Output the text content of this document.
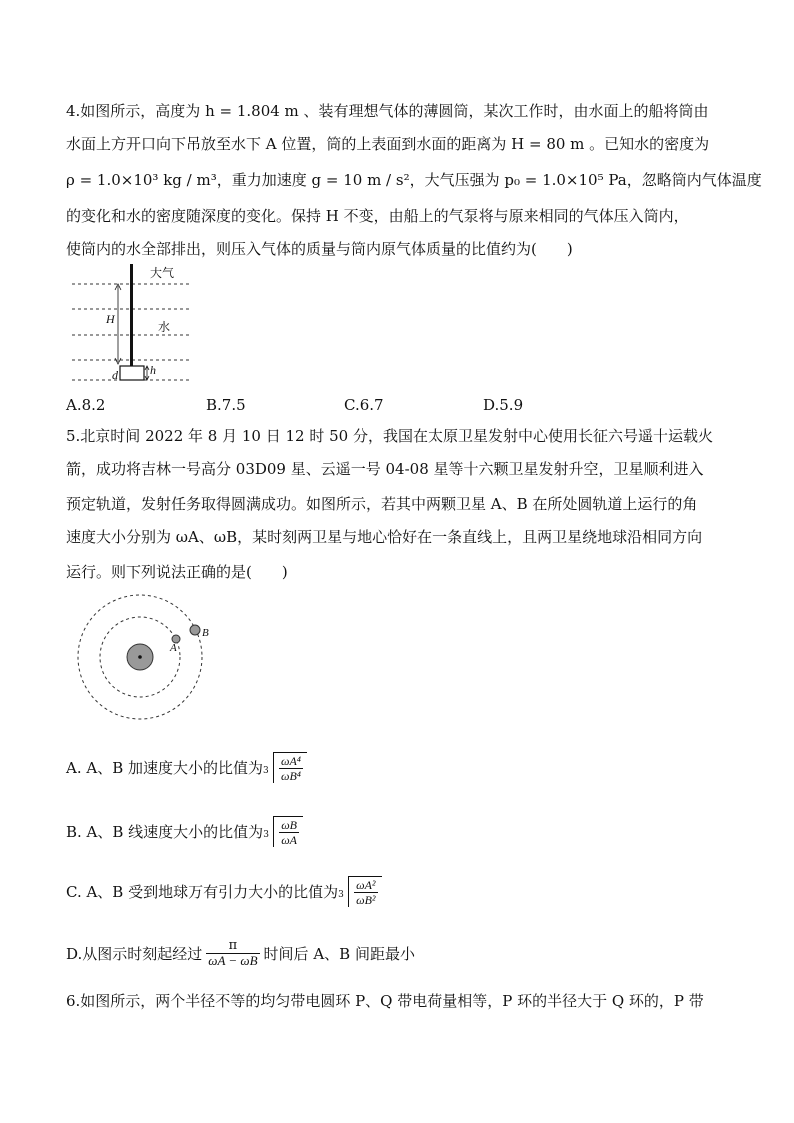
4.如图所示，高度为 h = 1.804 m 、装有理想气体的薄圆筒，某次工作时，由水面上的船将筒由
水面上方开口向下吊放至水下 A 位置，筒的上表面到水面的距离为 H = 80 m 。已知水的密度为
ρ = 1.0×10³ kg / m³，重力加速度 g = 10 m / s²，大气压强为 p₀ = 1.0×10⁵ Pa，忽略筒内气体温度
的变化和水的密度随深度的变化。保持 H 不变，由船上的气泵将与原来相同的气体压入筒内，
使筒内的水全部排出，则压入气体的质量与筒内原气体质量的比值约为(　　)
大气
水
H
h
d
A.8.2	B.7.5	C.6.7	D.5.9
5.北京时间 2022 年 8 月 10 日 12 时 50 分，我国在太原卫星发射中心使用长征六号遥十运载火
箭，成功将吉林一号高分 03D09 星、云遥一号 04-08 星等十六颗卫星发射升空，卫星顺利进入
预定轨道，发射任务取得圆满成功。如图所示，若其中两颗卫星 A、B 在所处圆轨道上运行的角
速度大小分别为 ωA、ωB，某时刻两卫星与地心恰好在一条直线上，且两卫星绕地球沿相同方向
运行。则下列说法正确的是(　　)
A
B
A. A、B 加速度大小的比值为 $3 \frac{\text{ωA⁴}}{\text{ωB⁴}}$
B. A、B 线速度大小的比值为 $3 \frac{\omega B}{\omega A}$
C. A、B 受到地球万有引力大小的比值为 $3 \frac{\text{ωA²}}{\text{ωB²}}$
D.从图示时刻起经过 $\frac{\pi}{\omega A - \omega B}$ 时间后 A、B 间距最小
6.如图所示，两个半径不等的均匀带电圆环 P、Q 带电荷量相等，P 环的半径大于 Q 环的，P 带
